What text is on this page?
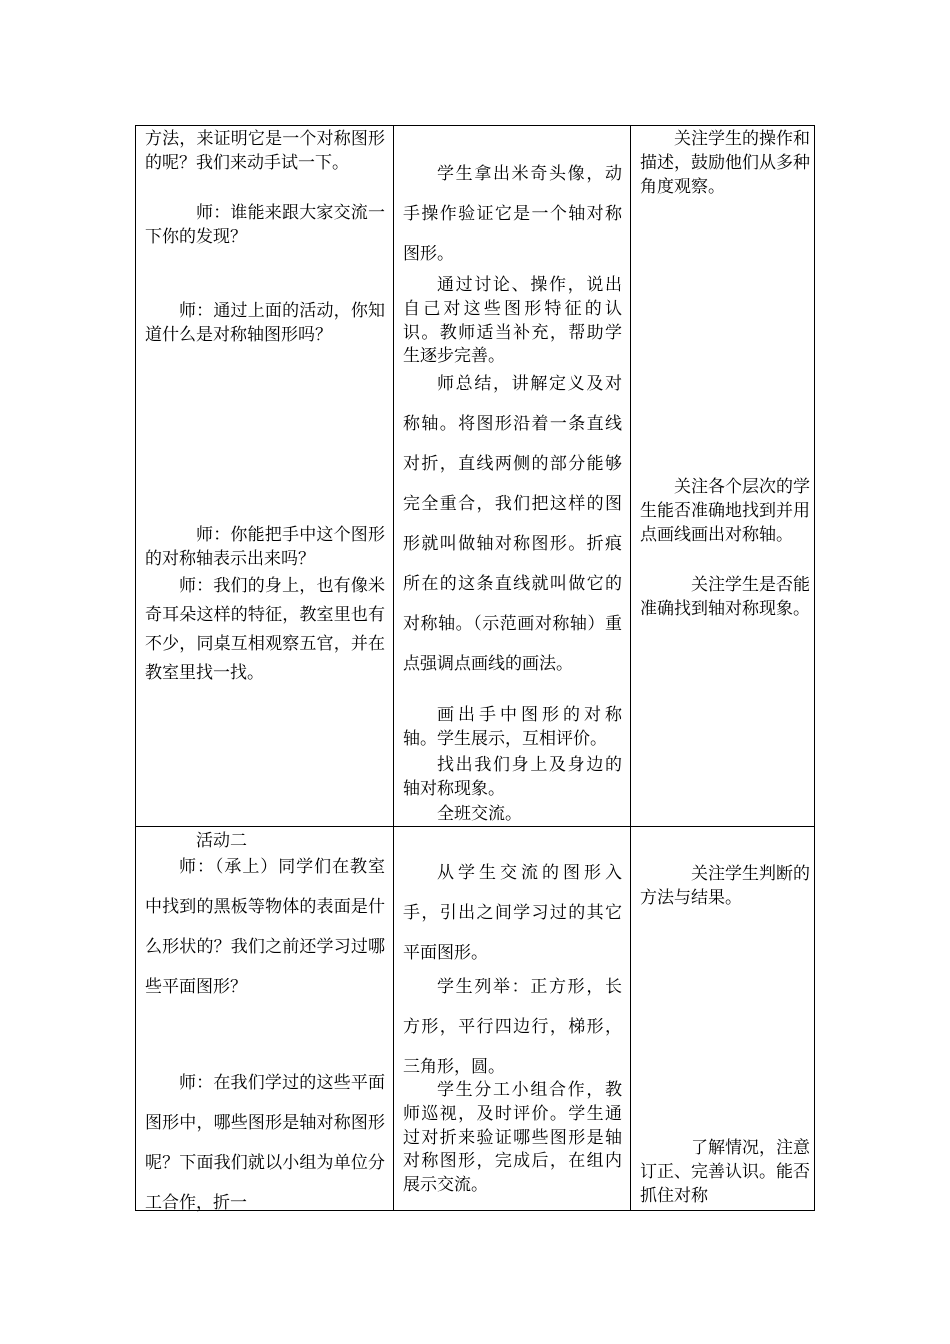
方法，来证明它是一个对称图形的呢？我们来动手试一下。

师：谁能来跟大家交流一下你的发现？

师：通过上面的活动，你知道什么是对称轴图形吗？

师：你能把手中这个图形的对称轴表示出来吗？

师：我们的身上，也有像米奇耳朵这样的特征，教室里也有不少，同桌互相观察五官，并在教室里找一找。

学生拿出米奇头像，动手操作验证它是一个轴对称图形。

通过讨论、操作，说出自己对这些图形特征的认识。教师适当补充，帮助学生逐步完善。

师总结，讲解定义及对称轴。将图形沿着一条直线对折，直线两侧的部分能够完全重合，我们把这样的图形就叫做轴对称图形。折痕所在的这条直线就叫做它的对称轴。（示范画对称轴）重点强调点画线的画法。

画出手中图形的对称轴。学生展示，互相评价。

找出我们身上及身边的轴对称现象。

全班交流。

关注学生的操作和描述，鼓励他们从多种角度观察。

关注各个层次的学生能否准确地找到并用点画线画出对称轴。

关注学生是否能准确找到轴对称现象。

活动二

师：（承上）同学们在教室中找到的黑板等物体的表面是什么形状的？我们之前还学习过哪些平面图形？

师：在我们学过的这些平面图形中，哪些图形是轴对称图形呢？下面我们就以小组为单位分工合作，折一

从学生交流的图形入手，引出之间学习过的其它平面图形。

学生列举：正方形，长方形，平行四边行，梯形，三角形，圆。

学生分工小组合作，教师巡视，及时评价。学生通过对折来验证哪些图形是轴对称图形，完成后，在组内展示交流。

关注学生判断的方法与结果。

了解情况，注意订正、完善认识。能否抓住对称
